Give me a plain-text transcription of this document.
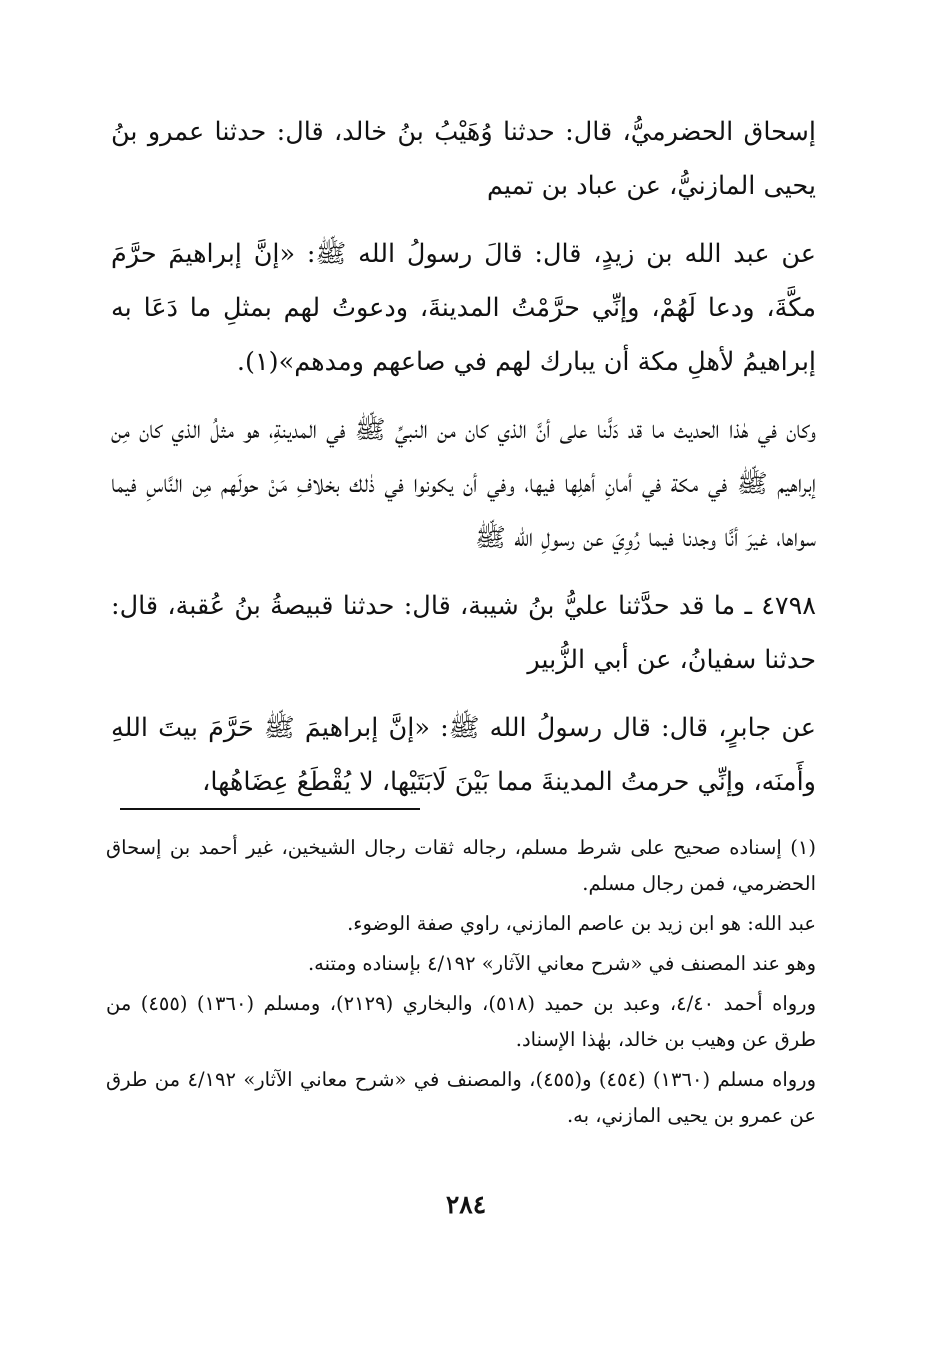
إسحاق الحضرميُّ، قال: حدثنا وُهَيْبُ بنُ خالد، قال: حدثنا عمرو بنُ يحيى المازنيُّ، عن عباد بن تميم

عن عبد الله بن زيدٍ، قال: قالَ رسولُ الله ﷺ: «إنَّ إبراهيمَ حرَّمَ مكَّةَ، ودعا لَهُمْ، وإنِّي حرَّمْتُ المدينةَ، ودعوتُ لهم بمثلِ ما دَعَا به إبراهيمُ لأهلِ مكة أن يبارك لهم في صاعهم ومدهم»(١).

وكان في هٰذا الحديث ما قد دَلَّنا على أنَّ الذي كان من النبيِّ ﷺ في المدينةِ، هو مثلُ الذي كان مِن إبراهيم ﷺ في مكة في أمانِ أهلِها فيها، وفي أن يكونوا في ذٰلك بخلافِ مَنْ حولَهم مِن النَّاسِ فيما سواها، غيرَ أنَّا وجدنا فيما رُوِيَ عن رسولِ الله ﷺ

٤٧٩٨ ـ ما قد حدَّثنا عليُّ بنُ شيبة، قال: حدثنا قبيصةُ بنُ عُقبة، قال: حدثنا سفيانُ، عن أبي الزُّبير

عن جابرٍ، قال: قال رسولُ الله ﷺ: «إنَّ إبراهيمَ ﷺ حَرَّمَ بيتَ اللهِ وأَمنَه، وإنِّي حرمتُ المدينةَ مما بَيْنَ لَابَتَيْها، لا يُقْطَعُ عِضَاهُها،

(١) إسناده صحيح على شرط مسلم، رجاله ثقات رجال الشيخين، غير أحمد بن إسحاق الحضرمي، فمن رجال مسلم.

عبد الله: هو ابن زيد بن عاصم المازني، راوي صفة الوضوء.

وهو عند المصنف في «شرح معاني الآثار» ٤/١٩٢ بإسناده ومتنه.

ورواه أحمد ٤/٤٠، وعبد بن حميد (٥١٨)، والبخاري (٢١٢٩)، ومسلم (١٣٦٠) (٤٥٥) من طرق عن وهيب بن خالد، بهٰذا الإسناد.

ورواه مسلم (١٣٦٠) (٤٥٤) و(٤٥٥)، والمصنف في «شرح معاني الآثار» ٤/١٩٢ من طرق عن عمرو بن يحيى المازني، به.

٢٨٤
